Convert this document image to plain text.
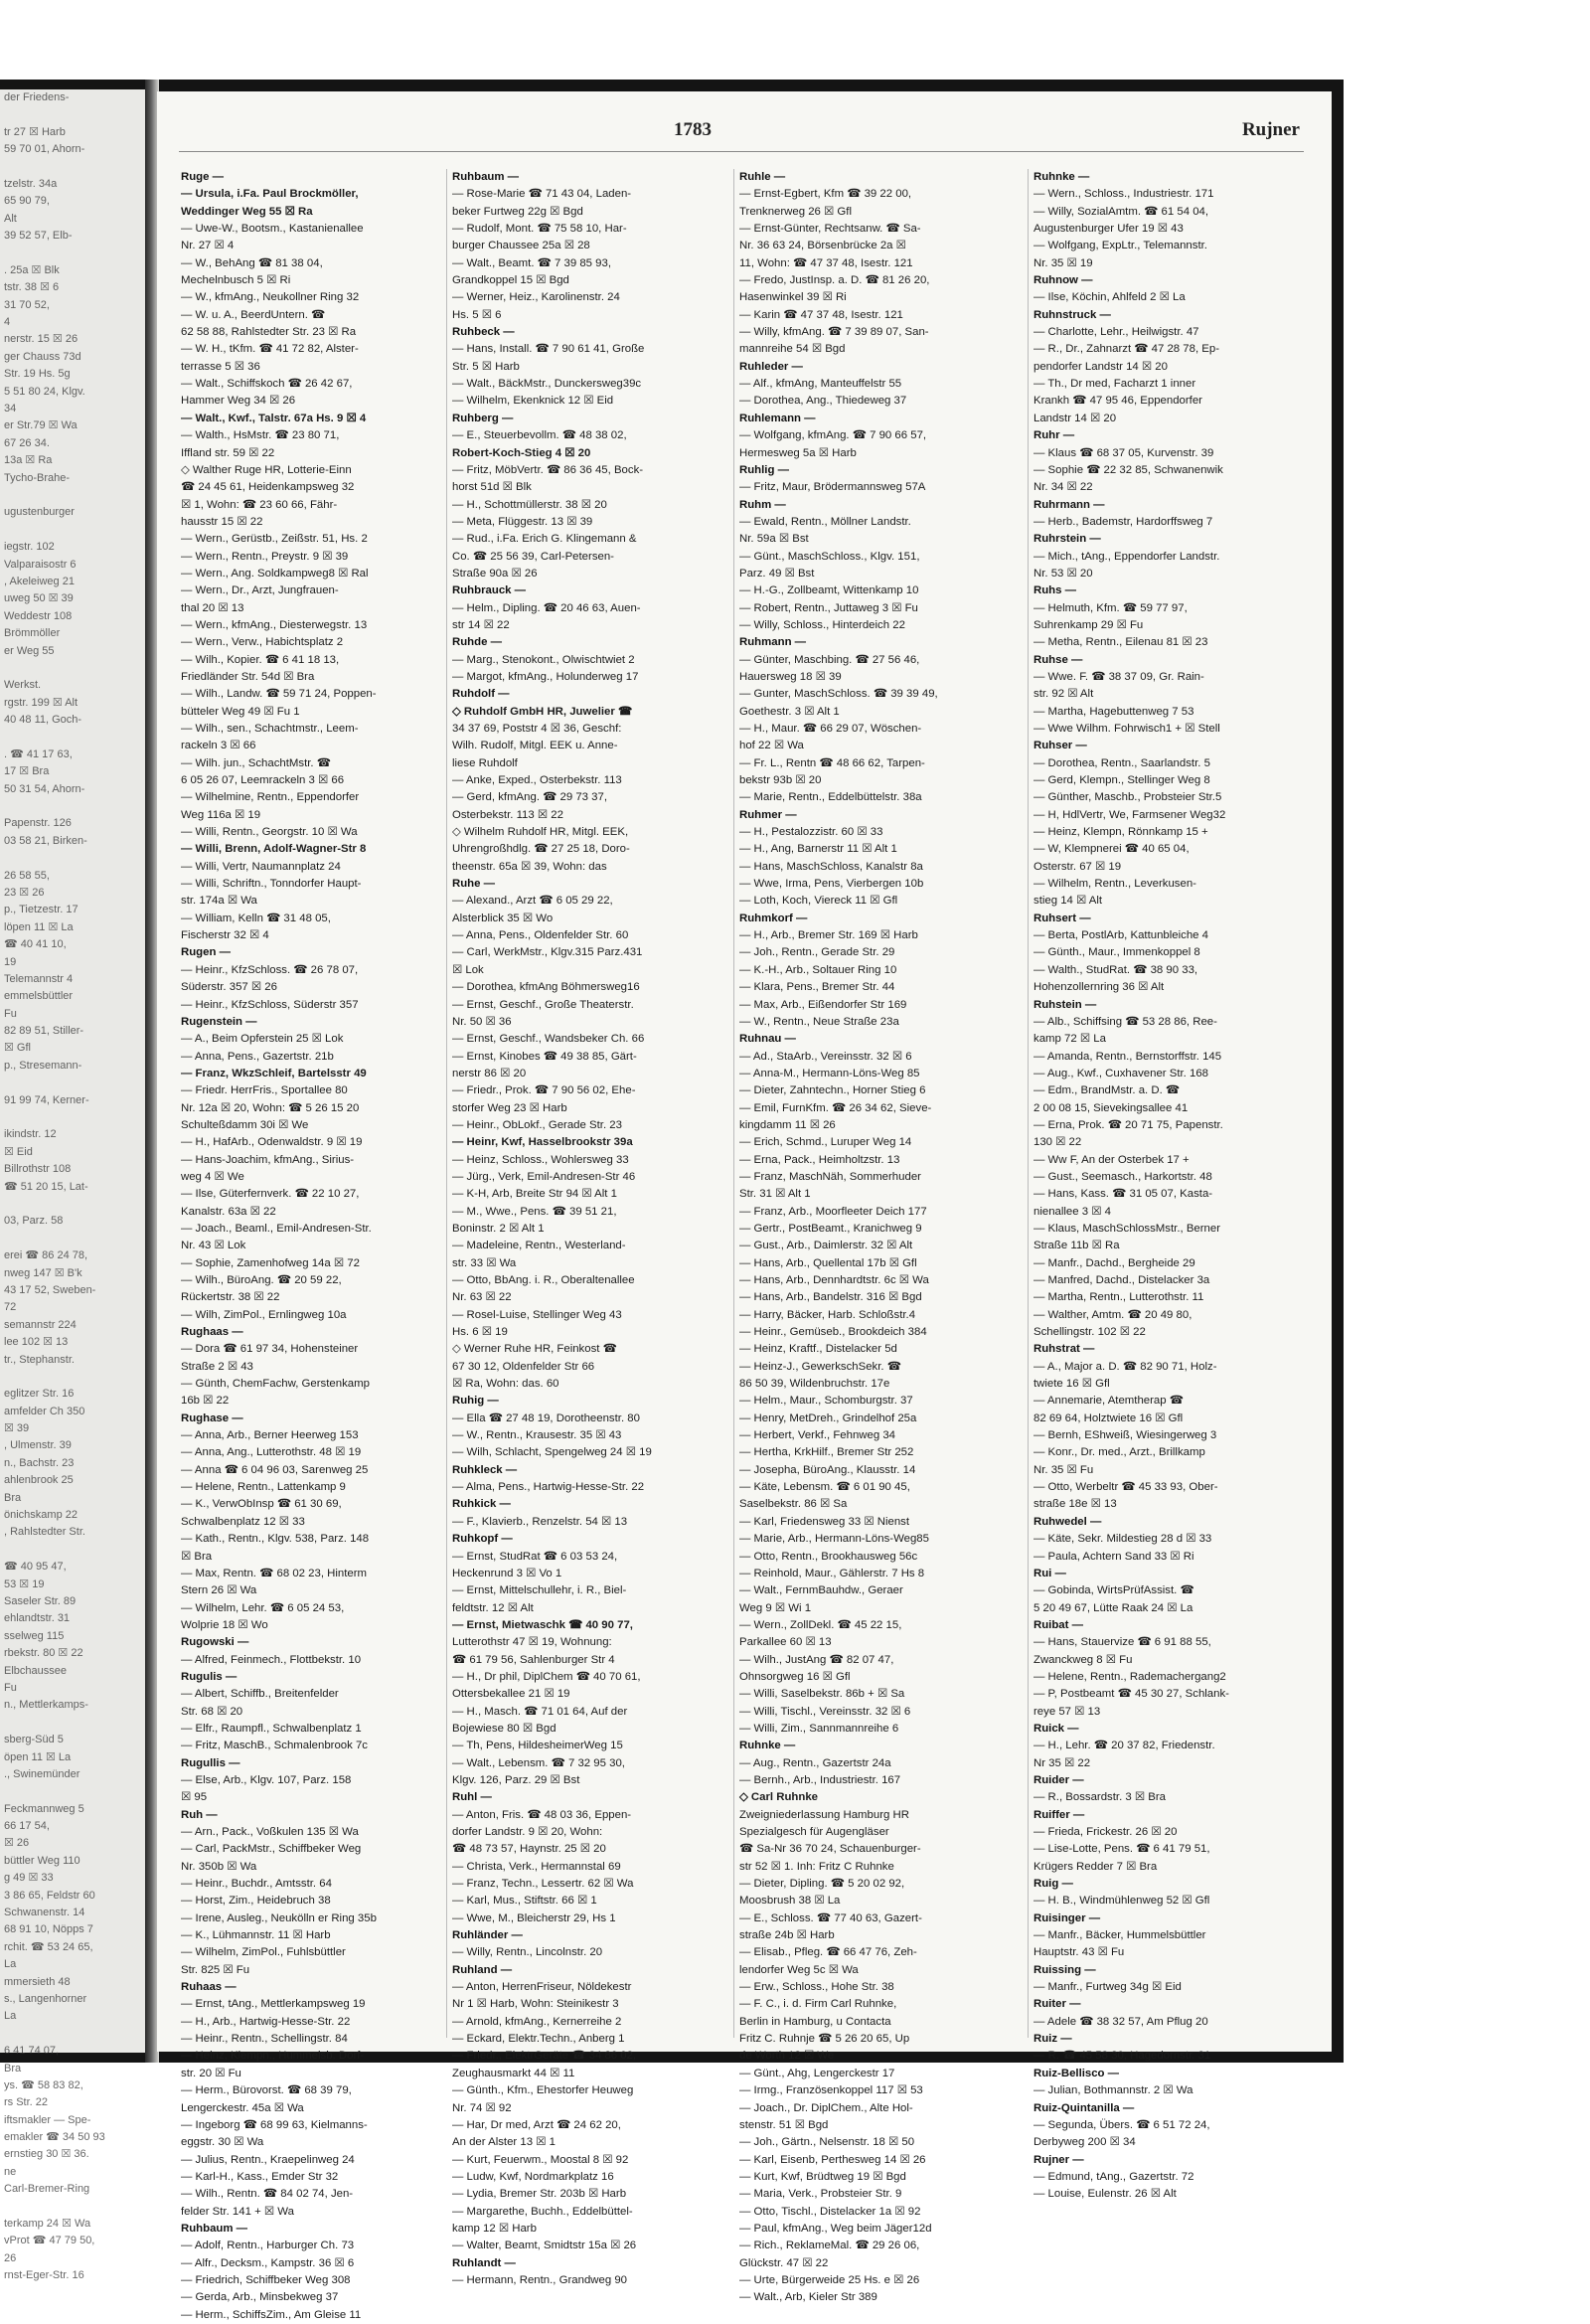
der Friedens-
tr 27 ☒ Harb
59 70 01, Ahorn-
tzelstr. 34a
65 90 79,
Alt
39 52 57, Elb-
. 25a ☒ Blk
tstr. 38 ☒ 6
31 70 52,
4
nerstr. 15 ☒ 26
ger Chauss 73d
Str. 19 Hs. 5g
5 51 80 24, Klgv.
34
er Str.79 ☒ Wa
67 26 34.
13a ☒ Ra
Tycho-Brahe-
ugustenburger
iegstr. 102
Valparaisostr 6
, Akeleiweg 21
uweg 50 ☒ 39
Weddestr 108
Brömmöller
er Weg 55
Werkst.
rgstr. 199 ☒ Alt
40 48 11, Goch-
. ☎ 41 17 63,
17 ☒ Bra
50 31 54, Ahorn-
Papenstr. 126
03 58 21, Birken-
26 58 55,
23 ☒ 26
p., Tietzestr. 17
löpen 11 ☒ La
☎ 40 41 10,
19
Telemannstr 4
emmelsbüttler
Fu
82 89 51, Stiller-
☒ Gfl
p., Stresemann-
91 99 74, Kerner-
ikindstr. 12
☒ Eid
Billrothstr 108
☎ 51 20 15, Lat-
03, Parz. 58
erei ☎ 86 24 78,
nweg 147 ☒ B'k
43 17 52, Sweben-
72
semannstr 224
lee 102 ☒ 13
tr., Stephanstr.
eglitzer Str. 16
amfelder Ch 350
☒ 39
, Ulmenstr. 39
n., Bachstr. 23
ahlenbrook 25
Bra
önichskamp 22
, Rahlstedter Str.
☎ 40 95 47,
53 ☒ 19
Saseler Str. 89
ehlandtstr. 31
sselweg 115
rbekstr. 80 ☒ 22
Elbchaussee
Fu
n., Mettlerkamps-
sberg-Süd 5
öpen 11 ☒ La
., Swinemünder
Feckmannweg 5
66 17 54,
☒ 26
büttler Weg 110
g 49 ☒ 33
3 86 65, Feldstr 60
Schwanenstr. 14
68 91 10, Nöpps 7
rchit. ☎ 53 24 65,
La
mmersieth 48
s., Langenhorner
La
6 41 74 07,
Bra
ys. ☎ 58 83 82,
rs Str. 22
iftsmakler — Spe-
emakler ☎ 34 50 93
ernstieg 30 ☒ 36.
ne
Carl-Bremer-Ring
terkamp 24 ☒ Wa
vProt ☎ 47 79 50,
26
rnst-Eger-Str. 16
1783	Rujner
Ruge —
— Ursula, i.Fa. Paul Brockmöller,
Weddinger Weg 55 ☒ Ra
— Uwe-W., Bootsm., Kastanienallee
Nr. 27 ☒ 4
— W., BehAng ☎ 81 38 04,
Mechelnbusch 5 ☒ Ri
— W., kfmAng., Neukollner Ring 32
— W. u. A., BeerdUntern. ☎
62 58 88, Rahlstedter Str. 23 ☒ Ra
— W. H., tKfm. ☎ 41 72 82, Alster-
terrasse 5 ☒ 36
— Walt., Schiffskoch ☎ 26 42 67,
Hammer Weg 34 ☒ 26
— Walt., Kwf., Talstr. 67a Hs. 9 ☒ 4
— Walth., HsMstr. ☎ 23 80 71,
Iffland str. 59 ☒ 22
◇ Walther Ruge HR, Lotterie-Einn
☎ 24 45 61, Heidenkampsweg 32
☒ 1, Wohn: ☎ 23 60 66, Fähr-
hausstr 15 ☒ 22
— Wern., Gerüstb., Zeißstr. 51, Hs. 2
— Wern., Rentn., Preystr. 9 ☒ 39
— Wern., Ang. Soldkampweg8 ☒ Ral
— Wern., Dr., Arzt, Jungfrauen-
thal 20 ☒ 13
— Wern., kfmAng., Diesterwegstr. 13
— Wern., Verw., Habichtsplatz 2
— Wilh., Kopier. ☎ 6 41 18 13,
Friedländer Str. 54d ☒ Bra
— Wilh., Landw. ☎ 59 71 24, Poppen-
bütteler Weg 49 ☒ Fu 1
— Wilh., sen., Schachtmstr., Leem-
rackeln 3 ☒ 66
— Wilh. jun., SchachtMstr. ☎
6 05 26 07, Leemrackeln 3 ☒ 66
— Wilhelmine, Rentn., Eppendorfer
Weg 116a ☒ 19
— Willi, Rentn., Georgstr. 10 ☒ Wa
— Willi, Brenn, Adolf-Wagner-Str 8
— Willi, Vertr, Naumannplatz 24
— Willi, Schriftn., Tonndorfer Haupt-
str. 174a ☒ Wa
— William, Kelln ☎ 31 48 05,
Fischerstr 32 ☒ 4
Rugen —
— Heinr., KfzSchloss. ☎ 26 78 07,
Süderstr. 357 ☒ 26
— Heinr., KfzSchloss, Süderstr 357
Rugenstein —
— A., Beim Opferstein 25 ☒ Lok
— Anna, Pens., Gazertstr. 21b
— Franz, WkzSchleif, Bartelsstr 49
— Friedr. HerrFris., Sportallee 80
Nr. 12a ☒ 20, Wohn: ☎ 5 26 15 20
Schulteßdamm 30i ☒ We
— H., HafArb., Odenwaldstr. 9 ☒ 19
— Hans-Joachim, kfmAng., Sirius-
weg 4 ☒ We
— Ilse, Güterfernverk. ☎ 22 10 27,
Kanalstr. 63a ☒ 22
— Joach., Beaml., Emil-Andresen-Str.
Nr. 43 ☒ Lok
— Sophie, Zamenhofweg 14a ☒ 72
— Wilh., BüroAng. ☎ 20 59 22,
Rückertstr. 38 ☒ 22
— Wilh, ZimPol., Ernlingweg 10a
Rughaas —
— Dora ☎ 61 97 34, Hohensteiner
Straße 2 ☒ 43
— Günth, ChemFachw, Gerstenkamp
16b ☒ 22
Rughase —
— Anna, Arb., Berner Heerweg 153
— Anna, Ang., Lutterothstr. 48 ☒ 19
— Anna ☎ 6 04 96 03, Sarenweg 25
— Helene, Rentn., Lattenkamp 9
— K., VerwObInsp ☎ 61 30 69,
Schwalbenplatz 12 ☒ 33
— Kath., Rentn., Klgv. 538, Parz. 148
☒ Bra
— Max, Rentn. ☎ 68 02 23, Hinterm
Stern 26 ☒ Wa
— Wilhelm, Lehr. ☎ 6 05 24 53,
Wolprie 18 ☒ Wo
Rugowski —
— Alfred, Feinmech., Flottbekstr. 10
Rugulis —
— Albert, Schiffb., Breitenfelder
Str. 68 ☒ 20
— Elfr., Raumpfl., Schwalbenplatz 1
— Fritz, MaschB., Schmalenbrook 7c
Rugullis —
— Else, Arb., Klgv. 107, Parz. 158
☒ 95
Ruh —
— Arn., Pack., Voßkulen 135 ☒ Wa
— Carl, PackMstr., Schiffbeker Weg
Nr. 350b ☒ Wa
— Heinr., Buchdr., Amtsstr. 64
— Horst, Zim., Heidebruch 38
— Irene, Ausleg., Neukölln er Ring 35b
— K., Lühmannstr. 11 ☒ Harb
— Wilhelm, ZimPol., Fuhlsbüttler
Str. 825 ☒ Fu
Ruhaas —
— Ernst, tAng., Mettlerkampsweg 19
— H., Arb., Hartwig-Hesse-Str. 22
— Heinr., Rentn., Schellingstr. 84
— Heinz, Klempn., Hummelsb. Dorf-
str. 20 ☒ Fu
— Herm., Bürovorst. ☎ 68 39 79,
Lengerckestr. 45a ☒ Wa
— Ingeborg ☎ 68 99 63, Kielmanns-
eggstr. 30 ☒ Wa
— Julius, Rentn., Kraepelinweg 24
— Karl-H., Kass., Emder Str 32
— Wilh., Rentn. ☎ 84 02 74, Jen-
felder Str. 141 + ☒ Wa
Ruhbaum —
— Adolf, Rentn., Harburger Ch. 73
— Alfr., Decksm., Kampstr. 36 ☒ 6
— Friedrich, Schiffbeker Weg 308
— Gerda, Arb., Minsbekweg 37
— Herm., SchiffsZim., Am Gleise 11
Ruhbaum —
— Rose-Marie ☎ 71 43 04, Laden-
beker Furtweg 22g ☒ Bgd
— Rudolf, Mont. ☎ 75 58 10, Har-
burger Chaussee 25a ☒ 28
— Walt., Beamt. ☎ 7 39 85 93,
Grandkoppel 15 ☒ Bgd
— Werner, Heiz., Karolinenstr. 24
Hs. 5 ☒ 6
Ruhbeck —
— Hans, Install. ☎ 7 90 61 41, Große
Str. 5 ☒ Harb
— Walt., BäckMstr., Dunckersweg39c
— Wilhelm, Ekenknick 12 ☒ Eid
Ruhberg —
— E., Steuerbevollm. ☎ 48 38 02,
Robert-Koch-Stieg 4 ☒ 20
— Fritz, MöbVertr. ☎ 86 36 45, Bock-
horst 51d ☒ Blk
— H., Schottmüllerstr. 38 ☒ 20
— Meta, Flüggestr. 13 ☒ 39
— Rud., i.Fa. Erich G. Klingemann &
Co. ☎ 25 56 39, Carl-Petersen-
Straße 90a ☒ 26
Ruhbrauck —
— Helm., Dipling. ☎ 20 46 63, Auen-
str 14 ☒ 22
Ruhde —
— Marg., Stenokont., Olwischtwiet 2
— Margot, kfmAng., Holunderweg 17
Ruhdolf —
◇ Ruhdolf GmbH HR, Juwelier ☎
34 37 69, Poststr 4 ☒ 36, Geschf:
Wilh. Rudolf, Mitgl. EEK u. Anne-
liese Ruhdolf
— Anke, Exped., Osterbekstr. 113
— Gerd, kfmAng. ☎ 29 73 37,
Osterbekstr. 113 ☒ 22
◇ Wilhelm Ruhdolf HR, Mitgl. EEK,
Uhrengroßhdlg. ☎ 27 25 18, Doro-
theenstr. 65a ☒ 39, Wohn: das
Ruhe —
— Alexand., Arzt ☎ 6 05 29 22,
Alsterblick 35 ☒ Wo
— Anna, Pens., Oldenfelder Str. 60
— Carl, WerkMstr., Klgv.315 Parz.431
☒ Lok
— Dorothea, kfmAng Böhmersweg16
— Ernst, Geschf., Große Theaterstr.
Nr. 50 ☒ 36
— Ernst, Geschf., Wandsbeker Ch. 66
— Ernst, Kinobes ☎ 49 38 85, Gärt-
nerstr 86 ☒ 20
— Friedr., Prok. ☎ 7 90 56 02, Ehe-
storfer Weg 23 ☒ Harb
— Heinr., ObLokf., Gerade Str. 23
— Heinr, Kwf, Hasselbrookstr 39a
— Heinz, Schloss., Wohlersweg 33
— Jürg., Verk, Emil-Andresen-Str 46
— K-H, Arb, Breite Str 94 ☒ Alt 1
— M., Wwe., Pens. ☎ 39 51 21,
Boninstr. 2 ☒ Alt 1
— Madeleine, Rentn., Westerland-
str. 33 ☒ Wa
— Otto, BbAng. i. R., Oberaltenallee
Nr. 63 ☒ 22
— Rosel-Luise, Stellinger Weg 43
Hs. 6 ☒ 19
◇ Werner Ruhe HR, Feinkost ☎
67 30 12, Oldenfelder Str 66
☒ Ra, Wohn: das. 60
Ruhig —
— Ella ☎ 27 48 19, Dorotheenstr. 80
— W., Rentn., Krausestr. 35 ☒ 43
— Wilh, Schlacht, Spengelweg 24 ☒ 19
Ruhkleck —
— Alma, Pens., Hartwig-Hesse-Str. 22
Ruhkick —
— F., Klavierb., Renzelstr. 54 ☒ 13
Ruhkopf —
— Ernst, StudRat ☎ 6 03 53 24,
Heckenrund 3 ☒ Vo 1
— Ernst, Mittelschullehr, i. R., Biel-
feldtstr. 12 ☒ Alt
— Ernst, Mietwaschk ☎ 40 90 77,
Lutterothstr 47 ☒ 19, Wohnung:
☎ 61 79 56, Sahlenburger Str 4
— H., Dr phil, DiplChem ☎ 40 70 61,
Ottersbekallee 21 ☒ 19
— H., Masch. ☎ 71 01 64, Auf der
Bojewiese 80 ☒ Bgd
— Th, Pens, HildesheimerWeg 15
— Walt., Lebensm. ☎ 7 32 95 30,
Klgv. 126, Parz. 29 ☒ Bst
Ruhl —
— Anton, Fris. ☎ 48 03 36, Eppen-
dorfer Landstr. 9 ☒ 20, Wohn:
☎ 48 73 57, Haynstr. 25 ☒ 20
— Christa, Verk., Hermannstal 69
— Franz, Techn., Lessertr. 62 ☒ Wa
— Karl, Mus., Stiftstr. 66 ☒ 1
— Wwe, M., Bleicherstr 29, Hs 1
Ruhländer —
— Willy, Rentn., Lincolnstr. 20
Ruhland —
— Anton, HerrenFriseur, Nöldekestr
Nr 1 ☒ Harb, Wohn: Steinikestr 3
— Arnold, kfmAng., Kernerreihe 2
— Eckard, Elektr.Techn., Anberg 1
— Friedr., ElektrGeräte ☎ 34 86 02,
Zeughausmarkt 44 ☒ 11
— Günth., Kfm., Ehestorfer Heuweg
Nr. 74 ☒ 92
— Har, Dr med, Arzt ☎ 24 62 20,
An der Alster 13 ☒ 1
— Kurt, Feuerwm., Moostal 8 ☒ 92
— Ludw, Kwf, Nordmarkplatz 16
— Lydia, Bremer Str. 203b ☒ Harb
— Margarethe, Buchh., Eddelbüttel-
kamp 12 ☒ Harb
— Walter, Beamt, Smidtstr 15a ☒ 26
Ruhlandt —
— Hermann, Rentn., Grandweg 90
Ruhle —
— Ernst-Egbert, Kfm ☎ 39 22 00,
Trenknerweg 26 ☒ Gfl
— Ernst-Günter, Rechtsanw. ☎ Sa-
Nr. 36 63 24, Börsenbrücke 2a ☒
11, Wohn: ☎ 47 37 48, Isestr. 121
— Fredo, JustInsp. a. D. ☎ 81 26 20,
Hasenwinkel 39 ☒ Ri
— Karin ☎ 47 37 48, Isestr. 121
— Willy, kfmAng. ☎ 7 39 89 07, San-
mannreihe 54 ☒ Bgd
Ruhleder —
— Alf., kfmAng, Manteuffelstr 55
— Dorothea, Ang., Thiedeweg 37
Ruhlemann —
— Wolfgang, kfmAng. ☎ 7 90 66 57,
Hermesweg 5a ☒ Harb
Ruhlig —
— Fritz, Maur, Brödermannsweg 57A
Ruhm —
— Ewald, Rentn., Möllner Landstr.
Nr. 59a ☒ Bst
— Günt., MaschSchloss., Klgv. 151,
Parz. 49 ☒ Bst
— H.-G., Zollbeamt, Wittenkamp 10
— Robert, Rentn., Juttaweg 3 ☒ Fu
— Willy, Schloss., Hinterdeich 22
Ruhmann —
— Günter, Maschbing. ☎ 27 56 46,
Hauersweg 18 ☒ 39
— Gunter, MaschSchloss. ☎ 39 39 49,
Goethestr. 3 ☒ Alt 1
— H., Maur. ☎ 66 29 07, Wöschen-
hof 22 ☒ Wa
— Fr. L., Rentn ☎ 48 66 62, Tarpen-
bekstr 93b ☒ 20
— Marie, Rentn., Eddelbüttelstr. 38a
Ruhmer —
— H., Pestalozzistr. 60 ☒ 33
— H., Ang, Barnerstr 11 ☒ Alt 1
— Hans, MaschSchloss, Kanalstr 8a
— Wwe, Irma, Pens, Vierbergen 10b
— Loth, Koch, Viereck 11 ☒ Gfl
Ruhmkorf —
— H., Arb., Bremer Str. 169 ☒ Harb
— Joh., Rentn., Gerade Str. 29
— K.-H., Arb., Soltauer Ring 10
— Klara, Pens., Bremer Str. 44
— Max, Arb., Eißendorfer Str 169
— W., Rentn., Neue Straße 23a
Ruhnau —
— Ad., StaArb., Vereinsstr. 32 ☒ 6
— Anna-M., Hermann-Löns-Weg 85
— Dieter, Zahntechn., Horner Stieg 6
— Emil, FurnKfm. ☎ 26 34 62, Sieve-
kingdamm 11 ☒ 26
— Erich, Schmd., Luruper Weg 14
— Erna, Pack., Heimholtzstr. 13
— Franz, MaschNäh, Sommerhuder
Str. 31 ☒ Alt 1
— Franz, Arb., Moorfleeter Deich 177
— Gertr., PostBeamt., Kranichweg 9
— Gust., Arb., Daimlerstr. 32 ☒ Alt
— Hans, Arb., Quellental 17b ☒ Gfl
— Hans, Arb., Dennhardtstr. 6c ☒ Wa
— Hans, Arb., Bandelstr. 316 ☒ Bgd
— Harry, Bäcker, Harb. Schloßstr.4
— Heinr., Gemüseb., Brookdeich 384
— Heinz, Kraftf., Distelacker 5d
— Heinz-J., GewerkschSekr. ☎
86 50 39, Wildenbruchstr. 17e
— Helm., Maur., Schomburgstr. 37
— Henry, MetDreh., Grindelhof 25a
— Herbert, Verkf., Fehnweg 34
— Hertha, KrkHilf., Bremer Str 252
— Josepha, BüroAng., Klausstr. 14
— Käte, Lebensm. ☎ 6 01 90 45,
Saselbekstr. 86 ☒ Sa
— Karl, Friedensweg 33 ☒ Nienst
— Marie, Arb., Hermann-Löns-Weg85
— Otto, Rentn., Brookhausweg 56c
— Reinhold, Maur., Gählerstr. 7 Hs 8
— Walt., FernmBauhdw., Geraer
Weg 9 ☒ Wi 1
— Wern., ZollDekl. ☎ 45 22 15,
Parkallee 60 ☒ 13
— Wilh., JustAng ☎ 82 07 47,
Ohnsorgweg 16 ☒ Gfl
— Willi, Saselbekstr. 86b + ☒ Sa
— Willi, Tischl., Vereinsstr. 32 ☒ 6
— Willi, Zim., Sannmannreihe 6
Ruhnke —
— Aug., Rentn., Gazertstr 24a
— Bernh., Arb., Industriestr. 167
◇ Carl Ruhnke
Zweigniederlassung Hamburg HR
Spezialgesch für Augengläser
☎ Sa-Nr 36 70 24, Schauenburger-
str 52 ☒ 1. Inh: Fritz C Ruhnke
— Dieter, Dipling. ☎ 5 20 02 92,
Moosbrush 38 ☒ La
— E., Schloss. ☎ 77 40 63, Gazert-
straße 24b ☒ Harb
— Elisab., Pfleg. ☎ 66 47 76, Zeh-
lendorfer Weg 5c ☒ Wa
— Erw., Schloss., Hohe Str. 38
— F. C., i. d. Firm Carl Ruhnke,
Berlin in Hamburg, u Contacta
Fritz C. Ruhnje ☎ 5 26 20 65, Up
de Worth 12 ☒ We
— Günt., Ahg, Lengerckestr 17
— Irmg., Französenkoppel 117 ☒ 53
— Joach., Dr. DiplChem., Alte Hol-
stenstr. 51 ☒ Bgd
— Joh., Gärtn., Nelsenstr. 18 ☒ 50
— Karl, Eisenb, Perthesweg 14 ☒ 26
— Kurt, Kwf, Brüdtweg 19 ☒ Bgd
— Maria, Verk., Probsteier Str. 9
— Otto, Tischl., Distelacker 1a ☒ 92
— Paul, kfmAng., Weg beim Jäger12d
— Rich., ReklameMal. ☎ 29 26 06,
Glückstr. 47 ☒ 22
— Urte, Bürgerweide 25 Hs. e ☒ 26
— Walt., Arb, Kieler Str 389
Ruhnke —
— Wern., Schloss., Industriestr. 171
— Willy, SozialAmtm. ☎ 61 54 04,
Augustenburger Ufer 19 ☒ 43
— Wolfgang, ExpLtr., Telemannstr.
Nr. 35 ☒ 19
Ruhnow —
— Ilse, Köchin, Ahlfeld 2 ☒ La
Ruhnstruck —
— Charlotte, Lehr., Heilwigstr. 47
— R., Dr., Zahnarzt ☎ 47 28 78, Ep-
pendorfer Landstr 14 ☒ 20
— Th., Dr med, Facharzt 1 inner
Krankh ☎ 47 95 46, Eppendorfer
Landstr 14 ☒ 20
Ruhr —
— Klaus ☎ 68 37 05, Kurvenstr. 39
— Sophie ☎ 22 32 85, Schwanenwik
Nr. 34 ☒ 22
Ruhrmann —
— Herb., Bademstr, Hardorffsweg 7
Ruhrstein —
— Mich., tAng., Eppendorfer Landstr.
Nr. 53 ☒ 20
Ruhs —
— Helmuth, Kfm. ☎ 59 77 97,
Suhrenkamp 29 ☒ Fu
— Metha, Rentn., Eilenau 81 ☒ 23
Ruhse —
— Wwe. F. ☎ 38 37 09, Gr. Rain-
str. 92 ☒ Alt
— Martha, Hagebuttenweg 7 53
— Wwe Wilhm. Fohrwisch1 + ☒ Stell
Ruhser —
— Dorothea, Rentn., Saarlandstr. 5
— Gerd, Klempn., Stellinger Weg 8
— Günther, Maschb., Probsteier Str.5
— H, HdlVertr, We, Farmsener Weg32
— Heinz, Klempn, Rönnkamp 15 +
— W, Klempnerei ☎ 40 65 04,
Osterstr. 67 ☒ 19
— Wilhelm, Rentn., Leverkusen-
stieg 14 ☒ Alt
Ruhsert —
— Berta, PostlArb, Kattunbleiche 4
— Günth., Maur., Immenkoppel 8
— Walth., StudRat. ☎ 38 90 33,
Hohenzollernring 36 ☒ Alt
Ruhstein —
— Alb., Schiffsing ☎ 53 28 86, Ree-
kamp 72 ☒ La
— Amanda, Rentn., Bernstorffstr. 145
— Aug., Kwf., Cuxhavener Str. 168
— Edm., BrandMstr. a. D. ☎
2 00 08 15, Sievekingsallee 41
— Erna, Prok. ☎ 20 71 75, Papenstr.
130 ☒ 22
— Ww F, An der Osterbek 17 +
— Gust., Seemasch., Harkortstr. 48
— Hans, Kass. ☎ 31 05 07, Kasta-
nienallee 3 ☒ 4
— Klaus, MaschSchlossMstr., Berner
Straße 11b ☒ Ra
— Manfr., Dachd., Bergheide 29
— Manfred, Dachd., Distelacker 3a
— Martha, Rentn., Lutterothstr. 11
— Walther, Amtm. ☎ 20 49 80,
Schellingstr. 102 ☒ 22
Ruhstrat —
— A., Major a. D. ☎ 82 90 71, Holz-
twiete 16 ☒ Gfl
— Annemarie, Atemtherap ☎
82 69 64, Holztwiete 16 ☒ Gfl
— Bernh, EShweiß, Wiesingerweg 3
— Konr., Dr. med., Arzt., Brillkamp
Nr. 35 ☒ Fu
— Otto, Werbeltr ☎ 45 33 93, Ober-
straße 18e ☒ 13
Ruhwedel —
— Käte, Sekr. Mildestieg 28 d ☒ 33
— Paula, Achtern Sand 33 ☒ Ri
Rui —
— Gobinda, WirtsPrüfAssist. ☎
5 20 49 67, Lütte Raak 24 ☒ La
Ruibat —
— Hans, Stauervize ☎ 6 91 88 55,
Zwanckweg 8 ☒ Fu
— Helene, Rentn., Rademachergang2
— P, Postbeamt ☎ 45 30 27, Schlank-
reye 57 ☒ 13
Ruick —
— H., Lehr. ☎ 20 37 82, Friedenstr.
Nr 35 ☒ 22
Ruider —
— R., Bossardstr. 3 ☒ Bra
Ruiffer —
— Frieda, Frickestr. 26 ☒ 20
— Lise-Lotte, Pens. ☎ 6 41 79 51,
Krügers Redder 7 ☒ Bra
Ruig —
— H. B., Windmühlenweg 52 ☒ Gfl
Ruisinger —
— Manfr., Bäcker, Hummelsbüttler
Hauptstr. 43 ☒ Fu
Ruissing —
— Manfr., Furtweg 34g ☒ Eid
Ruiter —
— Adele ☎ 38 32 57, Am Pflug 20
Ruiz —
— R. ☎ 45 58 30, Hagedornstr. 31
Ruiz-Bellisco —
— Julian, Bothmannstr. 2 ☒ Wa
Ruiz-Quintanilla —
— Segunda, Übers. ☎ 6 51 72 24,
Derbyweg 200 ☒ 34
Rujner —
— Edmund, tAng., Gazertstr. 72
— Louise, Eulenstr. 26 ☒ Alt
